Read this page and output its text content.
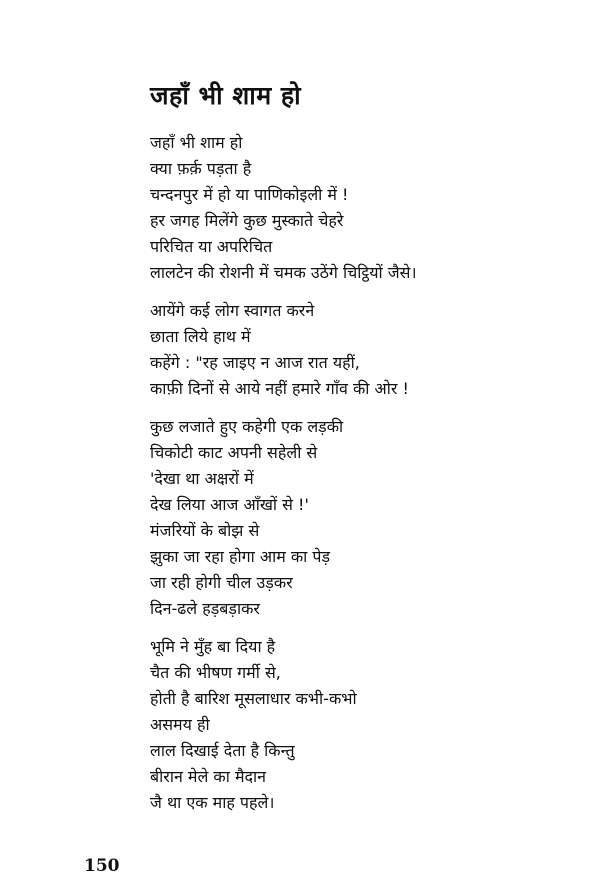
जहाँ भी शाम हो
जहाँ भी शाम हो
क्या फ़र्क़ पड़ता है
चन्दनपुर में हो या पाणिकोइली में !
हर जगह मिलेंगे कुछ मुस्काते चेहरे
परिचित या अपरिचित
लालटेन की रोशनी में चमक उठेंगे चिट्ठियों जैसे।
आयेंगे कई लोग स्वागत करने
छाता लिये हाथ में
कहेंगे : "रह जाइए न आज रात यहीं,
काफ़ी दिनों से आये नहीं हमारे गाँव की ओर !
कुछ लजाते हुए कहेगी एक लड़की
चिकोटी काट अपनी सहेली से
'देखा था अक्षरों में
देख लिया आज आँखों से !'
मंजरियों के बोझ से
झुका जा रहा होगा आम का पेड़
जा रही होगी चील उड़कर
दिन-ढले हड़बड़ाकर
भूमि ने मुँह बा दिया है
चैत की भीषण गर्मी से,
होती है बारिश मूसलाधार कभी-कभो
असमय ही
लाल दिखाई देता है किन्तु
बीरान मेले का मैदान
जै था एक माह पहले।
150
